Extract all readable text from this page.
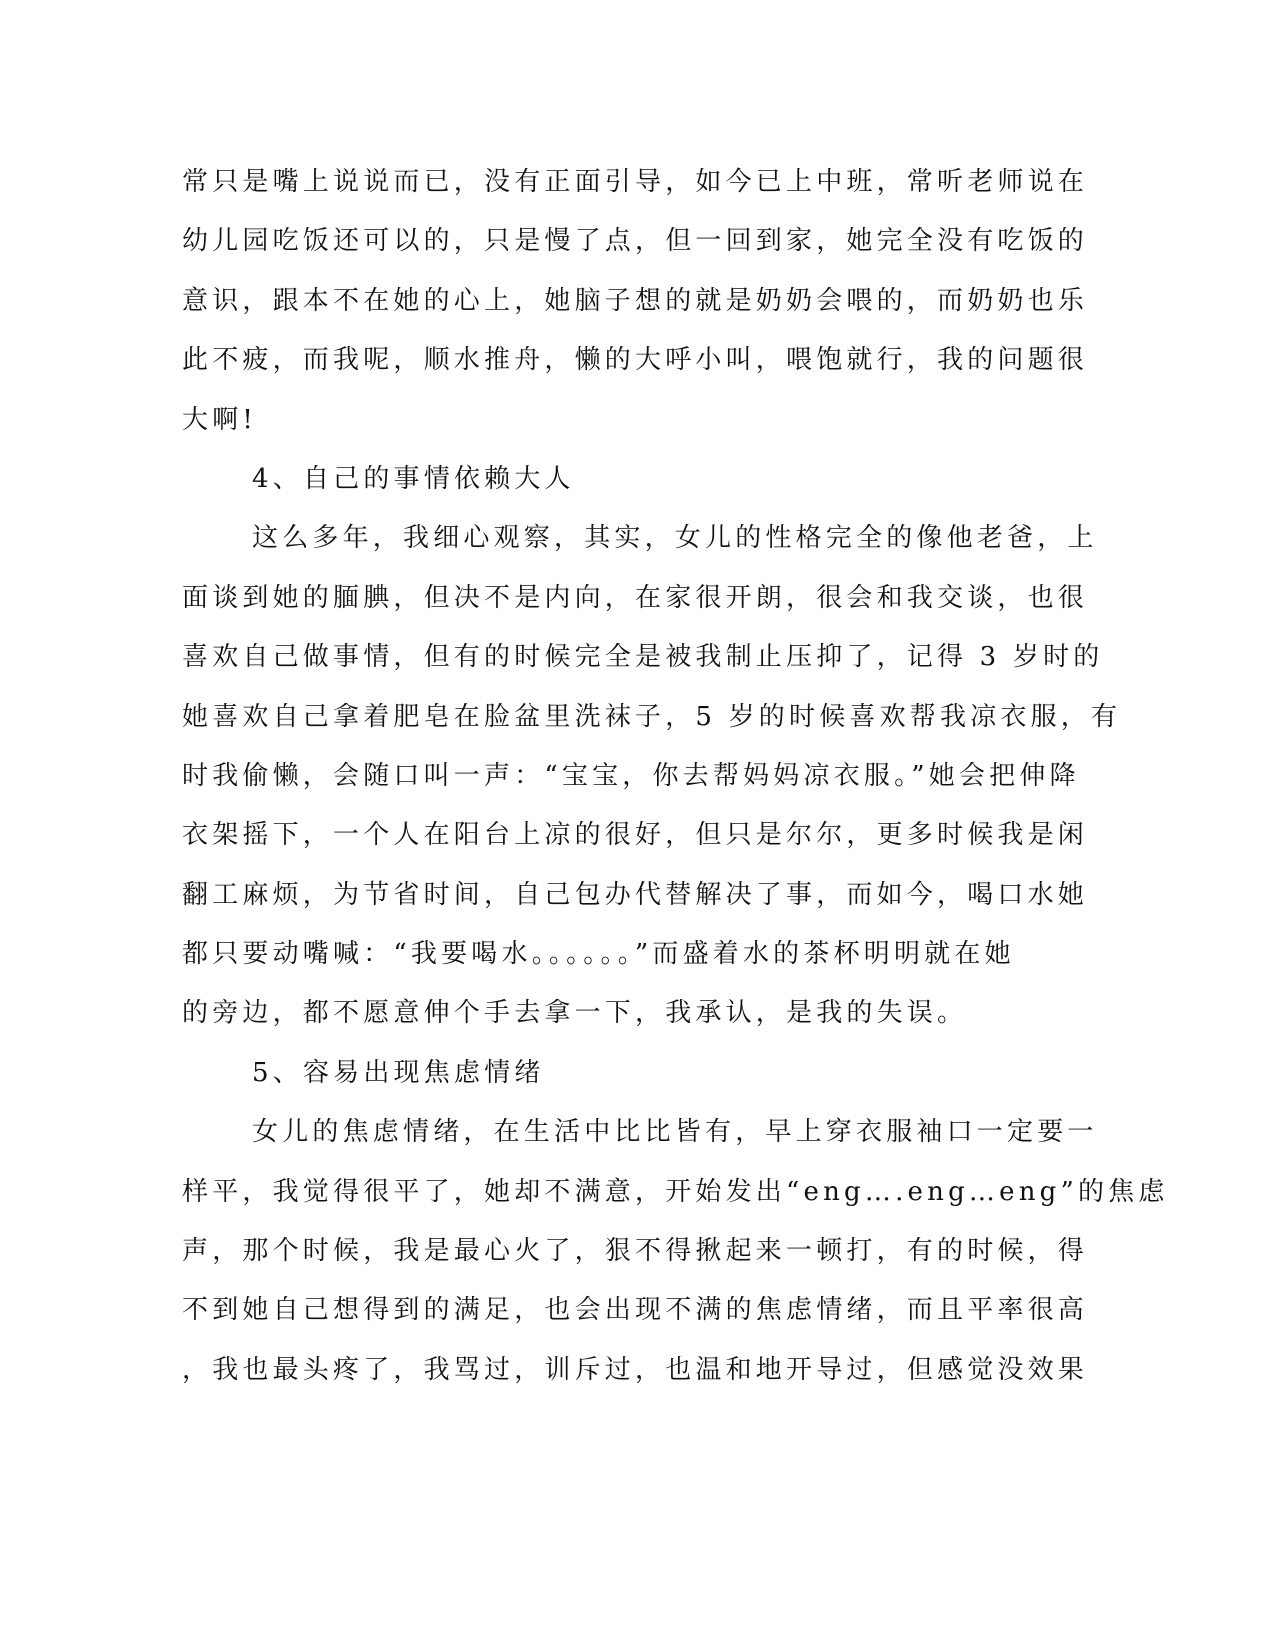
常只是嘴上说说而已，没有正面引导，如今已上中班，常听老师说在
幼儿园吃饭还可以的，只是慢了点，但一回到家，她完全没有吃饭的
意识，跟本不在她的心上，她脑子想的就是奶奶会喂的，而奶奶也乐
此不疲，而我呢，顺水推舟，懒的大呼小叫，喂饱就行，我的问题很
大啊!
4、自己的事情依赖大人
这么多年，我细心观察，其实，女儿的性格完全的像他老爸，上
面谈到她的腼腆，但决不是内向，在家很开朗，很会和我交谈，也很
喜欢自己做事情，但有的时候完全是被我制止压抑了，记得 3 岁时的
她喜欢自己拿着肥皂在脸盆里洗袜子，5 岁的时候喜欢帮我凉衣服，有
时我偷懒，会随口叫一声：“宝宝，你去帮妈妈凉衣服。”她会把伸降
衣架摇下，一个人在阳台上凉的很好，但只是尔尔，更多时候我是闲
翻工麻烦，为节省时间，自己包办代替解决了事，而如今，喝口水她
都只要动嘴喊：“我要喝水。。。。。。”而盛着水的茶杯明明就在她
的旁边，都不愿意伸个手去拿一下，我承认，是我的失误。
5、容易出现焦虑情绪
女儿的焦虑情绪，在生活中比比皆有，早上穿衣服袖口一定要一
样平，我觉得很平了，她却不满意，开始发出“eng….eng…eng”的焦虑
声，那个时候，我是最心火了，狠不得揪起来一顿打，有的时候，得
不到她自己想得到的满足，也会出现不满的焦虑情绪，而且平率很高
，我也最头疼了，我骂过，训斥过，也温和地开导过，但感觉没效果
